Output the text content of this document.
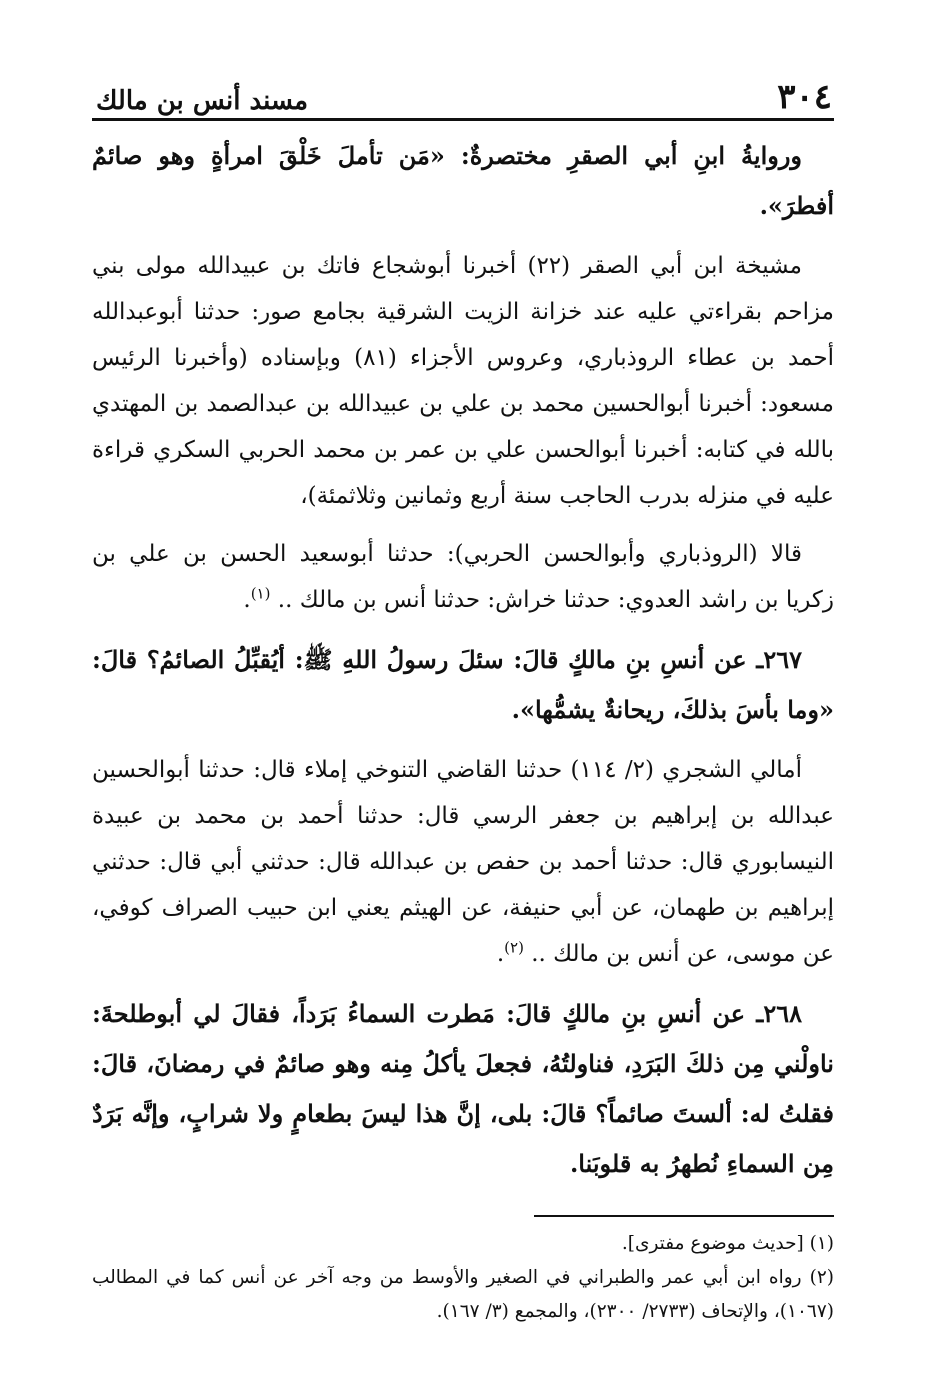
٣٠٤
مسند أنس بن مالك

وروايةُ ابنِ أبي الصقرِ مختصرةٌ: «مَن تأملَ خَلْقَ امرأةٍ وهو صائمٌ أفطرَ».

مشيخة ابن أبي الصقر (٢٢) أخبرنا أبوشجاع فاتك بن عبيدالله مولى بني مزاحم بقراءتي عليه عند خزانة الزيت الشرقية بجامع صور: حدثنا أبوعبدالله أحمد بن عطاء الروذباري، وعروس الأجزاء (٨١) وبإسناده (وأخبرنا الرئيس مسعود: أخبرنا أبوالحسين محمد بن علي بن عبيدالله بن عبدالصمد بن المهتدي بالله في كتابه: أخبرنا أبوالحسن علي بن عمر بن محمد الحربي السكري قراءة عليه في منزله بدرب الحاجب سنة أربع وثمانين وثلاثمئة)،

قالا (الروذباري وأبوالحسن الحربي): حدثنا أبوسعيد الحسن بن علي بن زكريا بن راشد العدوي: حدثنا خراش: حدثنا أنس بن مالك .. $^{(١)}$.

٢٦٧ـ عن أنسِ بنِ مالكٍ قالَ: سئلَ رسولُ اللهِ ﷺ: أيُقبِّلُ الصائمُ؟ قالَ: «وما بأسَ بذلكَ، ريحانةٌ يشمُّها».

أمالي الشجري (٢/ ١١٤) حدثنا القاضي التنوخي إملاء قال: حدثنا أبوالحسين عبدالله بن إبراهيم بن جعفر الرسي قال: حدثنا أحمد بن محمد بن عبيدة النيسابوري قال: حدثنا أحمد بن حفص بن عبدالله قال: حدثني أبي قال: حدثني إبراهيم بن طهمان، عن أبي حنيفة، عن الهيثم يعني ابن حبيب الصراف كوفي، عن موسى، عن أنس بن مالك .. $^{(٢)}$.

٢٦٨ـ عن أنسِ بنِ مالكٍ قالَ: مَطرت السماءُ بَرَداً، فقالَ لي أبوطلحةَ: ناولْني مِن ذلكَ البَرَدِ، فناولتُهُ، فجعلَ يأكلُ مِنه وهو صائمٌ في رمضانَ، قالَ: فقلتُ له: ألستَ صائماً؟ قالَ: بلى، إنَّ هذا ليسَ بطعامٍ ولا شرابٍ، وإنَّه بَرَدٌ مِن السماءِ نُطهرُ به قلوبَنا.

(١) [حديث موضوع مفترى].

(٢) رواه ابن أبي عمر والطبراني في الصغير والأوسط من وجه آخر عن أنس كما في المطالب (١٠٦٧)، والإتحاف (٢٧٣٣/ ٢٣٠٠)، والمجمع (٣/ ١٦٧).
